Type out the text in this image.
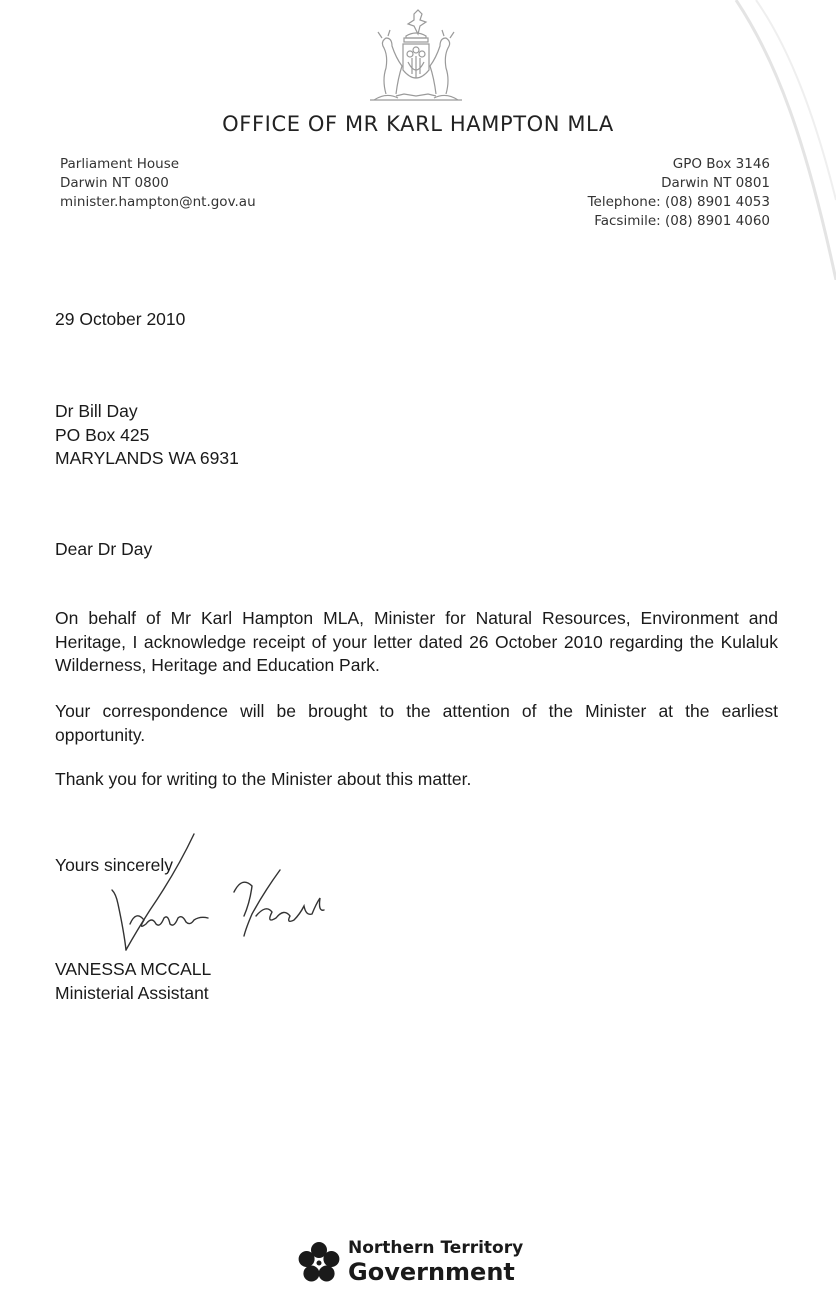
OFFICE OF MR KARL HAMPTON MLA
Parliament House
Darwin NT 0800
minister.hampton@nt.gov.au
GPO Box 3146
Darwin NT 0801
Telephone: (08) 8901 4053
Facsimile: (08) 8901 4060
29 October 2010
Dr Bill Day
PO Box 425
MARYLANDS WA 6931
Dear Dr Day
On behalf of Mr Karl Hampton MLA, Minister for Natural Resources, Environment and Heritage, I acknowledge receipt of your letter dated 26 October 2010 regarding the Kulaluk Wilderness, Heritage and Education Park.
Your correspondence will be brought to the attention of the Minister at the earliest opportunity.
Thank you for writing to the Minister about this matter.
Yours sincerely
VANESSA MCCALL
Ministerial Assistant
Northern Territory
Government
